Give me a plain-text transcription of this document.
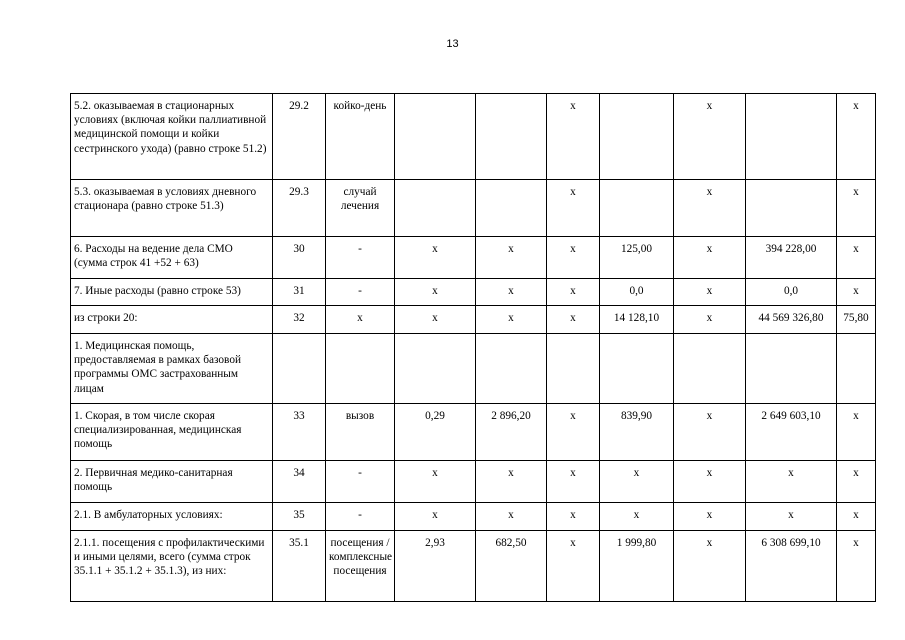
13
5.2. оказываемая в стационарных условиях (включая койки паллиативной медицинской помощи и койки сестринского ухода) (равно строке 51.2)	29.2	койко-день			х		х		х
5.3. оказываемая в условиях дневного стационара (равно строке 51.3)	29.3	случай лечения			х		х		х
6. Расходы на ведение дела СМО (сумма строк 41 +52 + 63)	30	-	х	х	х	125,00	х	394 228,00	х
7. Иные расходы (равно строке 53)	31	-	х	х	х	0,0	х	0,0	х
из строки 20:	32	х	х	х	х	14 128,10	х	44 569 326,80	75,80
1. Медицинская помощь, предоставляемая в рамках базовой программы ОМС застрахованным лицам									
1. Скорая, в том числе скорая специализированная, медицинская помощь	33	вызов	0,29	2 896,20	х	839,90	х	2 649 603,10	х
2. Первичная медико-санитарная помощь	34	-	х	х	х	х	х	х	х
2.1. В амбулаторных условиях:	35	-	х	х	х	х	х	х	х
2.1.1. посещения с профилактическими и иными целями, всего (сумма строк 35.1.1 + 35.1.2 + 35.1.3), из них:	35.1	посещения /комплексные посещения	2,93	682,50	х	1 999,80	х	6 308 699,10	х
